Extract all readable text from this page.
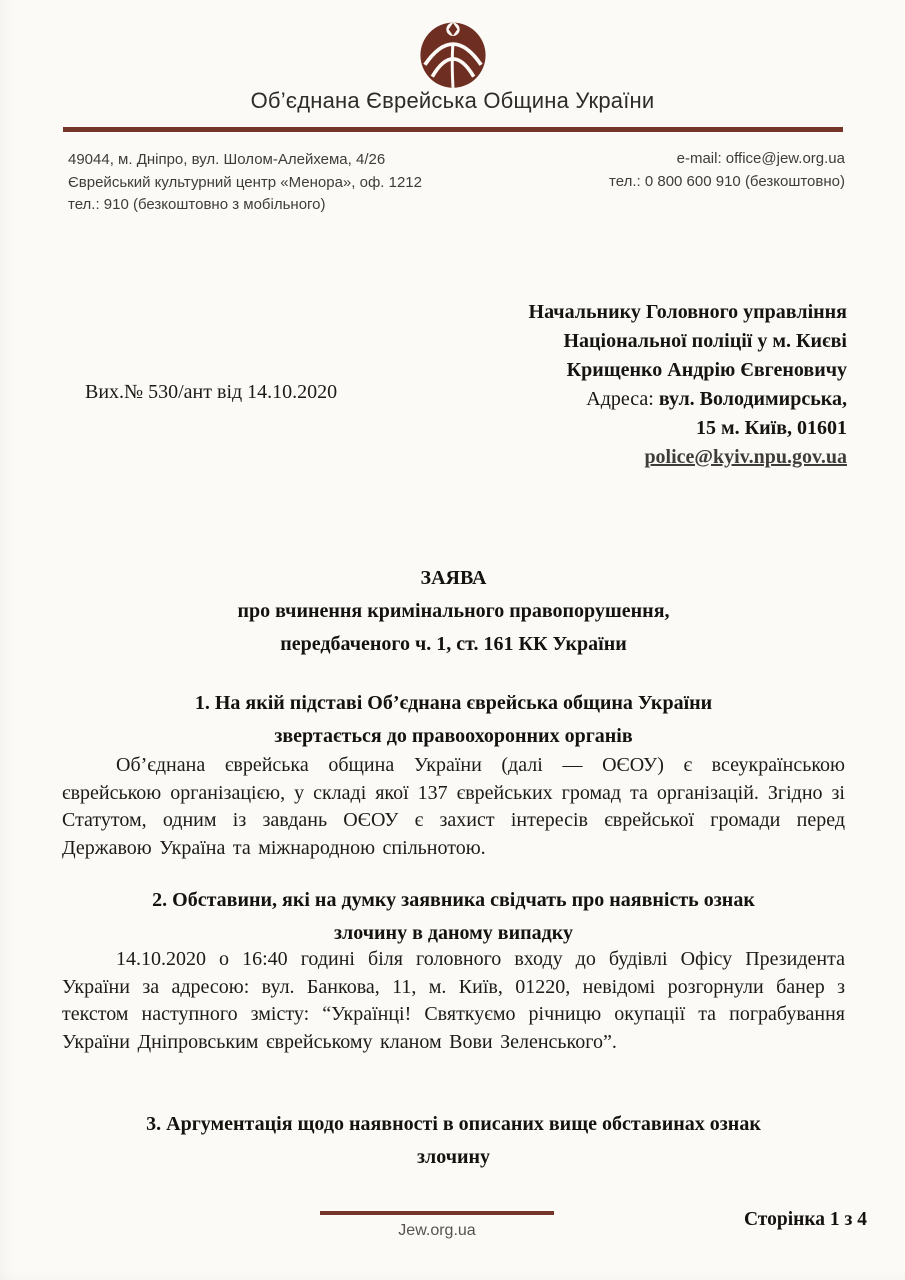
Об’єднана Єврейська Община України
49044, м. Дніпро, вул. Шолом-Алейхема, 4/26
Єврейський культурний центр «Менора», оф. 1212
тел.: 910 (безкоштовно з мобільного)
e-mail: office@jew.org.ua
тел.: 0 800 600 910 (безкоштовно)
Вих.№ 530/ант від 14.10.2020
Начальнику Головного управління
Національної поліції у м. Києві
Крищенко Андрію Євгеновичу
Адреса: вул. Володимирська,
15 м. Київ, 01601
police@kyiv.npu.gov.ua
ЗАЯВА
про вчинення кримінального правопорушення,
передбаченого ч. 1, ст. 161 КК України
1. На якій підставі Об’єднана єврейська община України
звертається до правоохоронних органів
Об’єднана єврейська община України (далі — ОЄОУ) є всеукраїнською єврейською організацією, у складі якої 137 єврейських громад та організацій. Згідно зі Статутом, одним із завдань ОЄОУ є захист інтересів єврейської громади перед Державою Україна та міжнародною спільнотою.
2. Обставини, які на думку заявника свідчать про наявність ознак
злочину в даному випадку
14.10.2020 о 16:40 годині біля головного входу до будівлі Офісу Президента України за адресою: вул. Банкова, 11, м. Київ, 01220, невідомі розгорнули банер з текстом наступного змісту: “Українці! Святкуємо річницю окупації та пограбування України Дніпровським єврейському кланом Вови Зеленського”.
3. Аргументація щодо наявності в описаних вище обставинах ознак
злочину
Jew.org.ua
Сторінка 1 з 4
